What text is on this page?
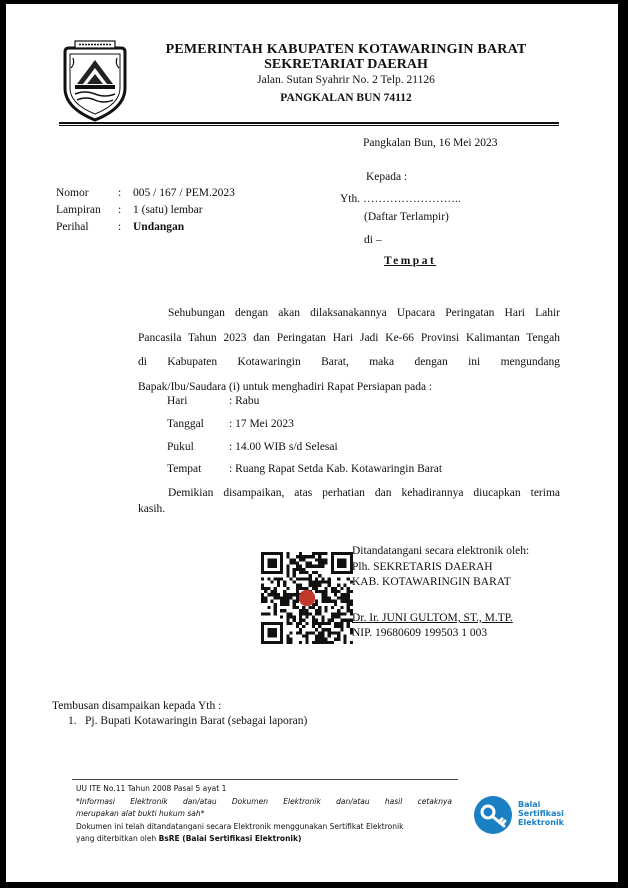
PEMERINTAH KABUPATEN KOTAWARINGIN BARAT
SEKRETARIAT DAERAH
Jalan. Sutan Syahrir No. 2 Telp. 21126
PANGKALAN BUN 74112
Pangkalan Bun, 16 Mei 2023
Nomor	: 005 / 167 / PEM.2023
Lampiran : 1 (satu) lembar
Perihal	: Undangan
Kepada :
Yth. ……………………..
(Daftar Terlampir)
di –
Tempat
Sehubungan dengan akan dilaksanakannya Upacara Peringatan Hari Lahir
Pancasila Tahun 2023 dan Peringatan Hari Jadi Ke-66 Provinsi Kalimantan Tengah
di Kabupaten Kotawaringin Barat, maka dengan ini mengundang
Bapak/Ibu/Saudara (i) untuk menghadiri Rapat Persiapan pada :
Hari	: Rabu
Tanggal : 17 Mei 2023
Pukul	: 14.00 WIB s/d Selesai
Tempat : Ruang Rapat Setda Kab. Kotawaringin Barat
Demikian disampaikan, atas perhatian dan kehadirannya diucapkan terima
kasih.
Ditandatangani secara elektronik oleh:
Plh. SEKRETARIS DAERAH
KAB. KOTAWARINGIN BARAT
Dr. Ir. JUNI GULTOM, ST., M.TP.
NIP. 19680609 199503 1 003
Tembusan disampaikan kepada Yth :
1. Pj. Bupati Kotawaringin Barat (sebagai laporan)
UU ITE No.11 Tahun 2008 Pasal 5 ayat 1
*Informasi Elektronik dan/atau Dokumen Elektronik dan/atau hasil cetaknya
merupakan alat bukti hukum sah*
Dokumen ini telah ditandatangani secara Elektronik menggunakan Sertifikat Elektronik
yang diterbitkan oleh BsRE (Balai Sertifikasi Elektronik)
Balai
Sertifikasi
Elektronik
